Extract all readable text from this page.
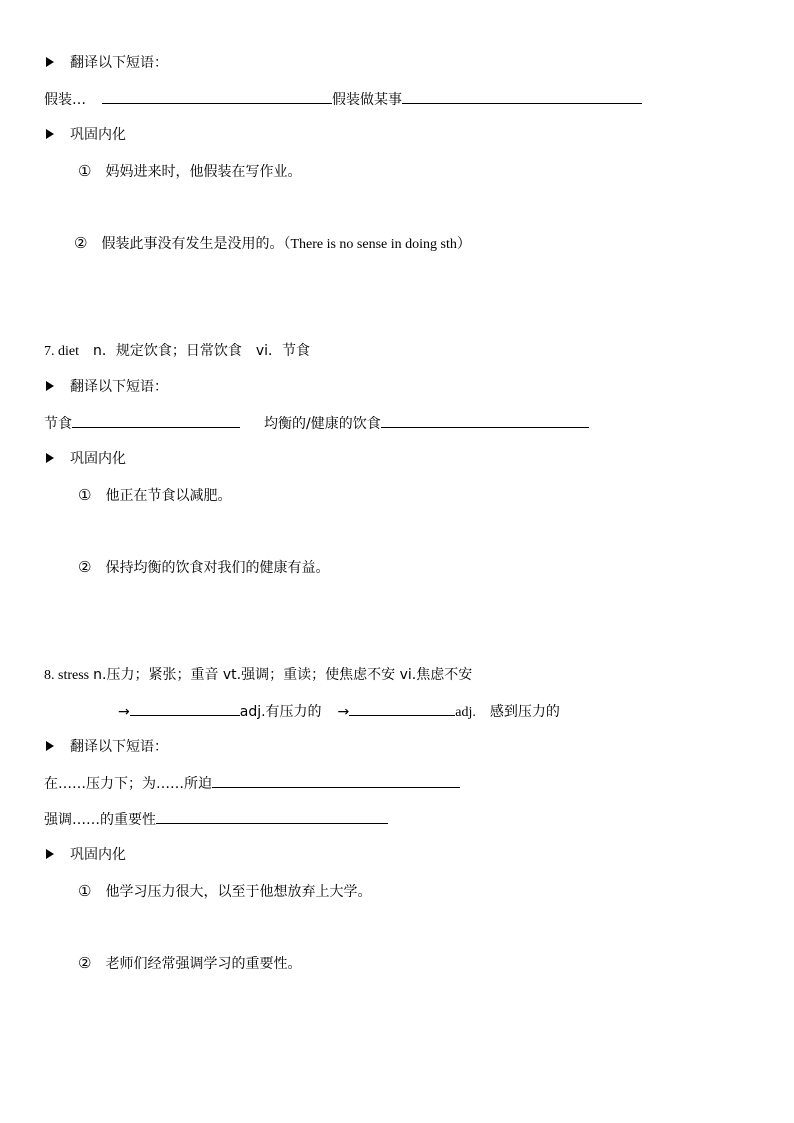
翻译以下短语：
假装…	假装做某事
巩固内化
① 妈妈进来时，他假装在写作业。
② 假装此事没有发生是没用的。（There is no sense in doing sth）
7. diet n．规定饮食；日常饮食　vi．节食
翻译以下短语：
节食	均衡的/健康的饮食
巩固内化
① 他正在节食以减肥。
② 保持均衡的饮食对我们的健康有益。
8. stress n.压力；紧张；重音 vt.强调；重读；使焦虑不安 vi.焦虑不安
→	adj.有压力的 →	adj. 感到压力的
翻译以下短语：
在……压力下；为……所迫
强调……的重要性
巩固内化
① 他学习压力很大，以至于他想放弃上大学。
② 老师们经常强调学习的重要性。
